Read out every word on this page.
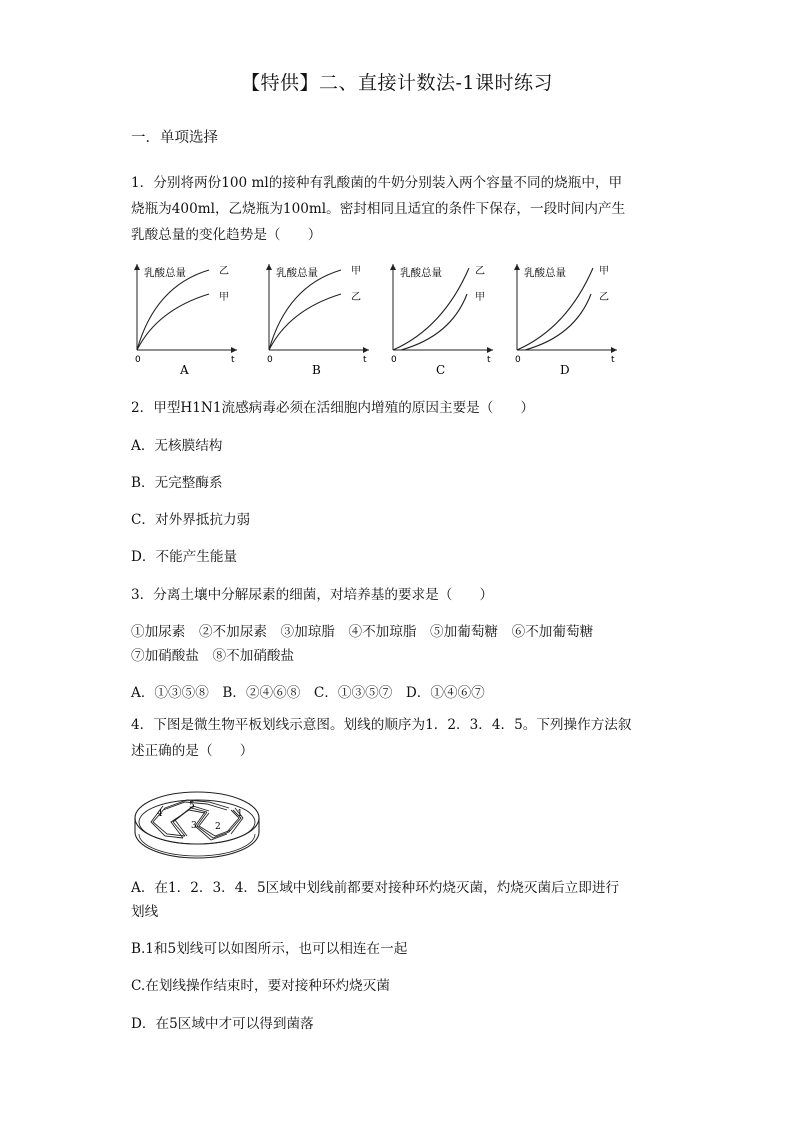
【特供】二、直接计数法-1课时练习
一．单项选择
1．分别将两份100 ml的接种有乳酸菌的牛奶分别装入两个容量不同的烧瓶中，甲
烧瓶为400ml，乙烧瓶为100ml。密封相同且适宜的条件下保存，一段时间内产生
乳酸总量的变化趋势是（　　）
乳酸总量
0	t
A
乙
甲
乳酸总量
0	t
B
甲
乙
乳酸总量
0	t
C
乙
甲
乳酸总量
0	t
D
甲
乙
2．甲型H1N1流感病毒必须在活细胞内增殖的原因主要是（　　）
A．无核膜结构
B．无完整酶系
C．对外界抵抗力弱
D．不能产生能量
3．分离土壤中分解尿素的细菌，对培养基的要求是（　　）
①加尿素　②不加尿素　③加琼脂　④不加琼脂　⑤加葡萄糖　⑥不加葡萄糖
⑦加硝酸盐　⑧不加硝酸盐
A．①③⑤⑧　B．②④⑥⑧　C．①③⑤⑦　D．①④⑥⑦
4．下图是微生物平板划线示意图。划线的顺序为1．2．3．4．5。下列操作方法叙
述正确的是（　　）
1
2
3
4
5
A．在1．2．3．4．5区域中划线前都要对接种环灼烧灭菌，灼烧灭菌后立即进行
划线
B.1和5划线可以如图所示，也可以相连在一起
C.在划线操作结束时，要对接种环灼烧灭菌
D．在5区域中才可以得到菌落
